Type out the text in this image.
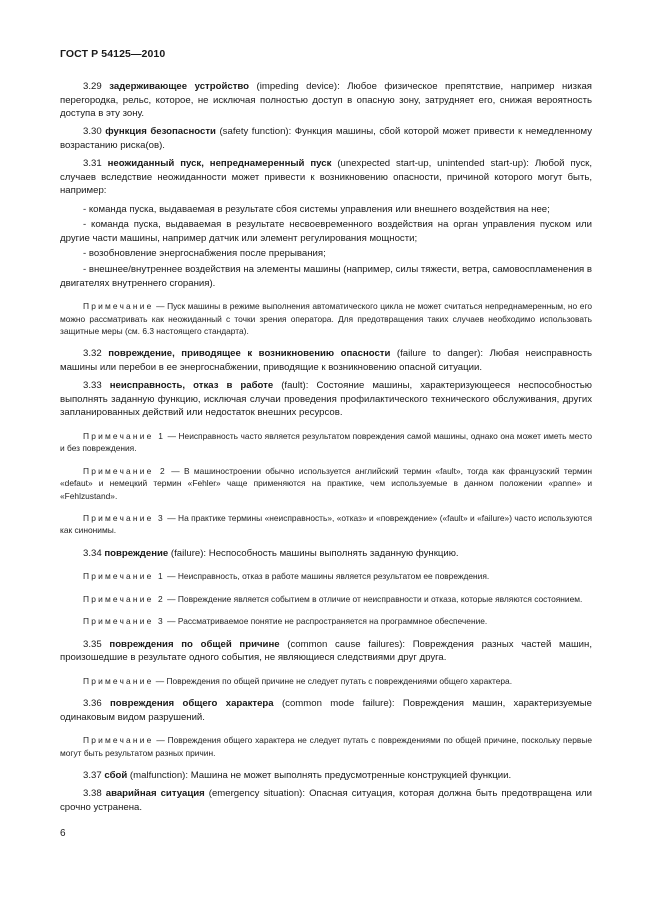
ГОСТ Р 54125—2010

3.29 задерживающее устройство (impeding device): Любое физическое препятствие, например низкая перегородка, рельс, которое, не исключая полностью доступ в опасную зону, затрудняет его, снижая вероятность доступа в эту зону.

3.30 функция безопасности (safety function): Функция машины, сбой которой может привести к немедленному возрастанию риска(ов).

3.31 неожиданный пуск, непреднамеренный пуск (unexpected start-up, unintended start-up): Любой пуск, случаев вследствие неожиданности может привести к возникновению опасности, причиной которого могут быть, например:

- команда пуска, выдаваемая в результате сбоя системы управления или внешнего воздействия на нее;

- команда пуска, выдаваемая в результате несвоевременного воздействия на орган управления пуском или другие части машины, например датчик или элемент регулирования мощности;

- возобновление энергоснабжения после прерывания;

- внешнее/внутреннее воздействия на элементы машины (например, силы тяжести, ветра, самовоспламенения в двигателях внутреннего сгорания).

Примечание — Пуск машины в режиме выполнения автоматического цикла не может считаться непреднамеренным, но его можно рассматривать как неожиданный с точки зрения оператора. Для предотвращения таких случаев необходимо использовать защитные меры (см. 6.3 настоящего стандарта).

3.32 повреждение, приводящее к возникновению опасности (failure to danger): Любая неисправность машины или перебои в ее энергоснабжении, приводящие к возникновению опасной ситуации.

3.33 неисправность, отказ в работе (fault): Состояние машины, характеризующееся неспособностью выполнять заданную функцию, исключая случаи проведения профилактического технического обслуживания, других запланированных действий или недостаток внешних ресурсов.

Примечание 1 — Неисправность часто является результатом повреждения самой машины, однако она может иметь место и без повреждения.

Примечание 2 — В машиностроении обычно используется английский термин «fault», тогда как французский термин «defaut» и немецкий термин «Fehler» чаще применяются на практике, чем используемые в данном положении «panne» и «Fehlzustand».

Примечание 3 — На практике термины «неисправность», «отказ» и «повреждение» («fault» и «failure») часто используются как синонимы.

3.34 повреждение (failure): Неспособность машины выполнять заданную функцию.

Примечание 1 — Неисправность, отказ в работе машины является результатом ее повреждения.

Примечание 2 — Повреждение является событием в отличие от неисправности и отказа, которые являются состоянием.

Примечание 3 — Рассматриваемое понятие не распространяется на программное обеспечение.

3.35 повреждения по общей причине (common cause failures): Повреждения разных частей машин, произошедшие в результате одного события, не являющиеся следствиями друг друга.

Примечание — Повреждения по общей причине не следует путать с повреждениями общего характера.

3.36 повреждения общего характера (common mode failure): Повреждения машин, характеризуемые одинаковым видом разрушений.

Примечание — Повреждения общего характера не следует путать с повреждениями по общей причине, поскольку первые могут быть результатом разных причин.

3.37 сбой (malfunction): Машина не может выполнять предусмотренные конструкцией функции.

3.38 аварийная ситуация (emergency situation): Опасная ситуация, которая должна быть предотвращена или срочно устранена.

6
